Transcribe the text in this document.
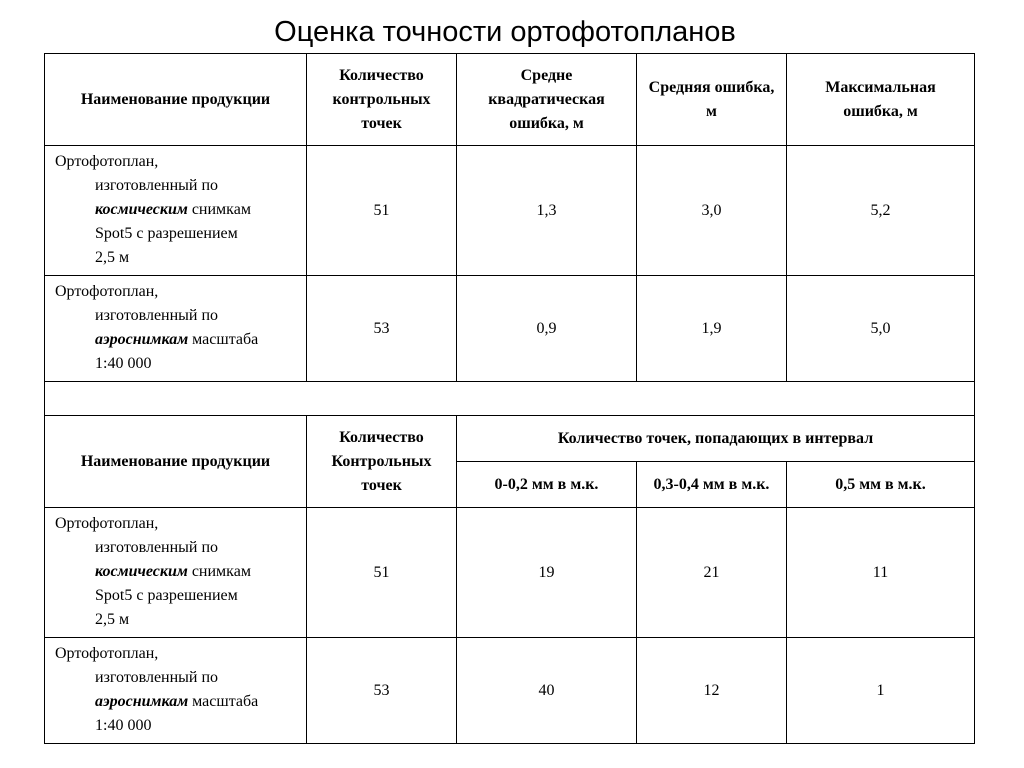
Оценка точности ортофотопланов
Наименование продукции	Количество контрольных точек	Средне квадратическая ошибка, м	Средняя ошибка, м	Максимальная ошибка, м
Ортофотоплан,
изготовленный по
космическим снимкам
Spot5 с разрешением
2,5 м	51	1,3	3,0	5,2
Ортофотоплан,
изготовленный по
аэроснимкам масштаба
1:40 000	53	0,9	1,9	5,0

Наименование продукции	Количество Контрольных точек	Количество точек, попадающих в интервал		
		0-0,2 мм в м.к.	0,3-0,4 мм в м.к.	0,5 мм в м.к.
Ортофотоплан,
изготовленный по
космическим снимкам
Spot5 с разрешением
2,5 м	51	19	21	11
Ортофотоплан,
изготовленный по
аэроснимкам масштаба
1:40 000	53	40	12	1
